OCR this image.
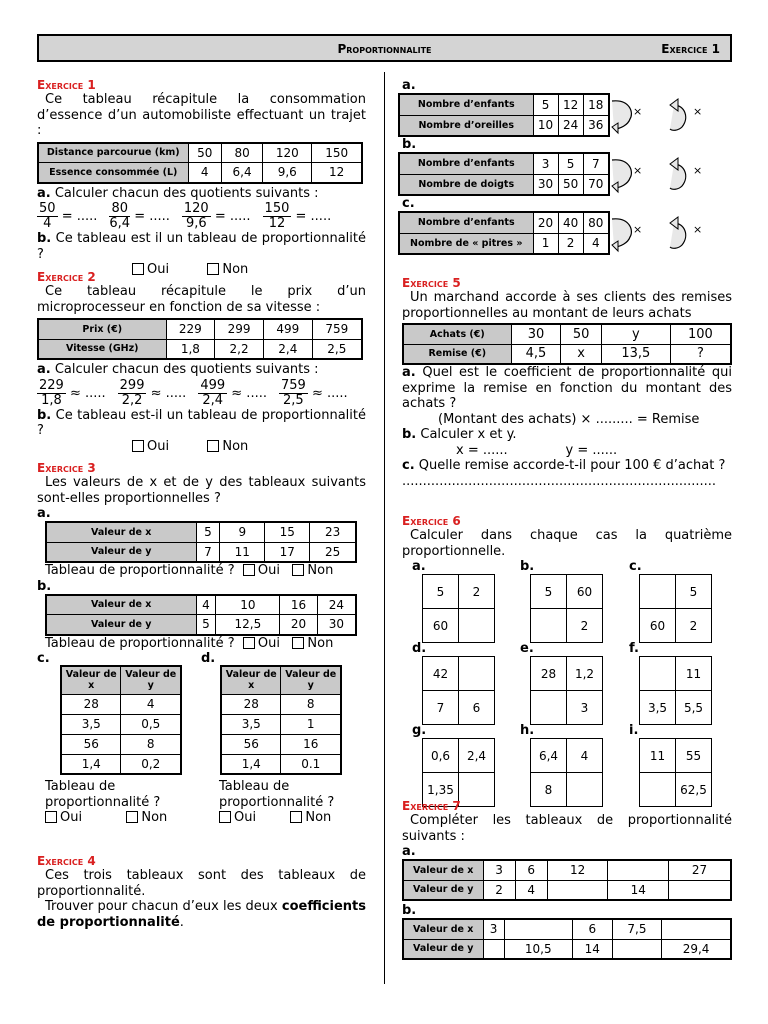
Proportionnalite	Exercice 1
Exercice 1

Ce tableau récapitule la consommation d’essence d’un automobiliste effectuant un trajet :

Distance parcourue (km)	50	80	120	150
Essence consommée (L)	4	6,4	9,6	12

a. Calculer chacun des quotients suivants :

$\frac{50}{4}$ = ..... $\frac{80}{6,4}$ = ..... $\frac{120}{9,6}$ = ..... $\frac{150}{12}$ = .....

b. Ce tableau est il un tableau de proportionnalité ?

Oui	Non

Exercice 2

Ce tableau récapitule le prix d’un microprocesseur en fonction de sa vitesse :

Prix (€)	229	299	499	759
Vitesse (GHz)	1,8	2,2	2,4	2,5

a. Calculer chacun des quotients suivants :

$\frac{229}{1,8}$ ≈ ..... $\frac{299}{2,2}$ ≈ ..... $\frac{499}{2,4}$ ≈ ..... $\frac{759}{2,5}$ ≈ .....

b. Ce tableau est-il un tableau de proportionnalité ?

Oui	Non

Exercice 3

Les valeurs de x et de y des tableaux suivants sont-elles proportionnelles ?

a.
Valeur de x	5	9	15	23
Valeur de y	7	11	17	25

Tableau de proportionnalité ? Oui Non

b.
Valeur de x	4	10	16	24
Valeur de y	5	12,5	20	30

Tableau de proportionnalité ? Oui Non

c.
Valeur de x	Valeur de y
28	4
3,5	0,5
56	8
1,4	0,2
d.
Valeur de x	Valeur de y
28	8
3,5	1
56	16
1,4	0.1
Tableau de
proportionnalité ?
Oui	Non
Tableau de
proportionnalité ?
Oui	Non
Exercice 4

Ces trois tableaux sont des tableaux de proportionnalité.

Trouver pour chacun d’eux les deux coefficients de proportionnalité.

a.
Nombre d’enfants	5	12	18
Nombre d’oreilles	10	24	36
×	×
b.
Nombre d’enfants	3	5	7
Nombre de doigts	30	50	70
×	×
c.
Nombre d’enfants	20	40	80
Nombre de « pitres »	1	2	4
×	×
Exercice 5

Un marchand accorde à ses clients des remises proportionnelles au montant de leurs achats

Achats (€)	30	50	y	100
Remise (€)	4,5	x	13,5	?

a. Quel est le coefficient de proportionnalité qui exprime la remise en fonction du montant des achats ?

(Montant des achats) × ......... = Remise

b. Calculer x et y.

x = ......              y = ......

c. Quelle remise accorde-t-il pour 100 € d’achat ?

............................................................................

Exercice 6

Calculer dans chaque cas la quatrième proportionnelle.

a.
5	2
60	
b.
5	60
	2
c.
	5
60	2
d.
42	
7	6
e.
28	1,2
	3
f.
	11
3,5	5,5
g.
0,6	2,4
1,35	
h.
6,4	4
8	
i.
11	55
	62,5
Exercice 7

Compléter les tableaux de proportionnalité suivants :

a.
Valeur de x	3	6	12		27
Valeur de y	2	4		14	
b.
Valeur de x	3		6	7,5	
Valeur de y		10,5	14		29,4
